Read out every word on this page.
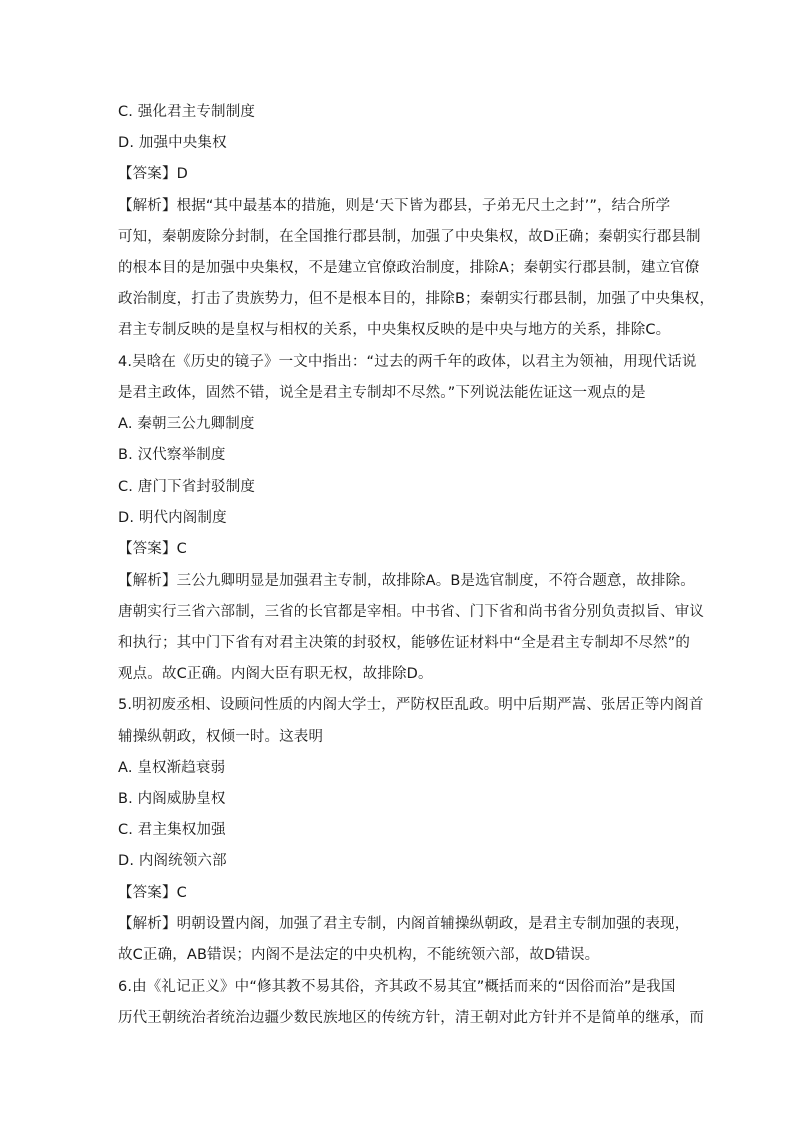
C. 强化君主专制制度
D. 加强中央集权
【答案】D
【解析】根据“其中最基本的措施，则是‘天下皆为郡县，子弟无尺土之封’”，结合所学
可知，秦朝废除分封制，在全国推行郡县制，加强了中央集权，故D正确；秦朝实行郡县制
的根本目的是加强中央集权，不是建立官僚政治制度，排除A；秦朝实行郡县制，建立官僚
政治制度，打击了贵族势力，但不是根本目的，排除B；秦朝实行郡县制，加强了中央集权，
君主专制反映的是皇权与相权的关系，中央集权反映的是中央与地方的关系，排除C。
4.吴晗在《历史的镜子》一文中指出：“过去的两千年的政体，以君主为领袖，用现代话说
是君主政体，固然不错，说全是君主专制却不尽然。”下列说法能佐证这一观点的是
A. 秦朝三公九卿制度
B. 汉代察举制度
C. 唐门下省封驳制度
D. 明代内阁制度
【答案】C
【解析】三公九卿明显是加强君主专制，故排除A。B是选官制度，不符合题意，故排除。
唐朝实行三省六部制，三省的长官都是宰相。中书省、门下省和尚书省分别负责拟旨、审议
和执行；其中门下省有对君主决策的封驳权，能够佐证材料中“全是君主专制却不尽然”的
观点。故C正确。内阁大臣有职无权，故排除D。
5.明初废丞相、设顾问性质的内阁大学士，严防权臣乱政。明中后期严嵩、张居正等内阁首
辅操纵朝政，权倾一时。这表明
A. 皇权渐趋衰弱
B. 内阁威胁皇权
C. 君主集权加强
D. 内阁统领六部
【答案】C
【解析】明朝设置内阁，加强了君主专制，内阁首辅操纵朝政，是君主专制加强的表现，
故C正确，AB错误；内阁不是法定的中央机构，不能统领六部，故D错误。
6.由《礼记正义》中“修其教不易其俗，齐其政不易其宜”概括而来的“因俗而治”是我国
历代王朝统治者统治边疆少数民族地区的传统方针，清王朝对此方针并不是简单的继承，而
